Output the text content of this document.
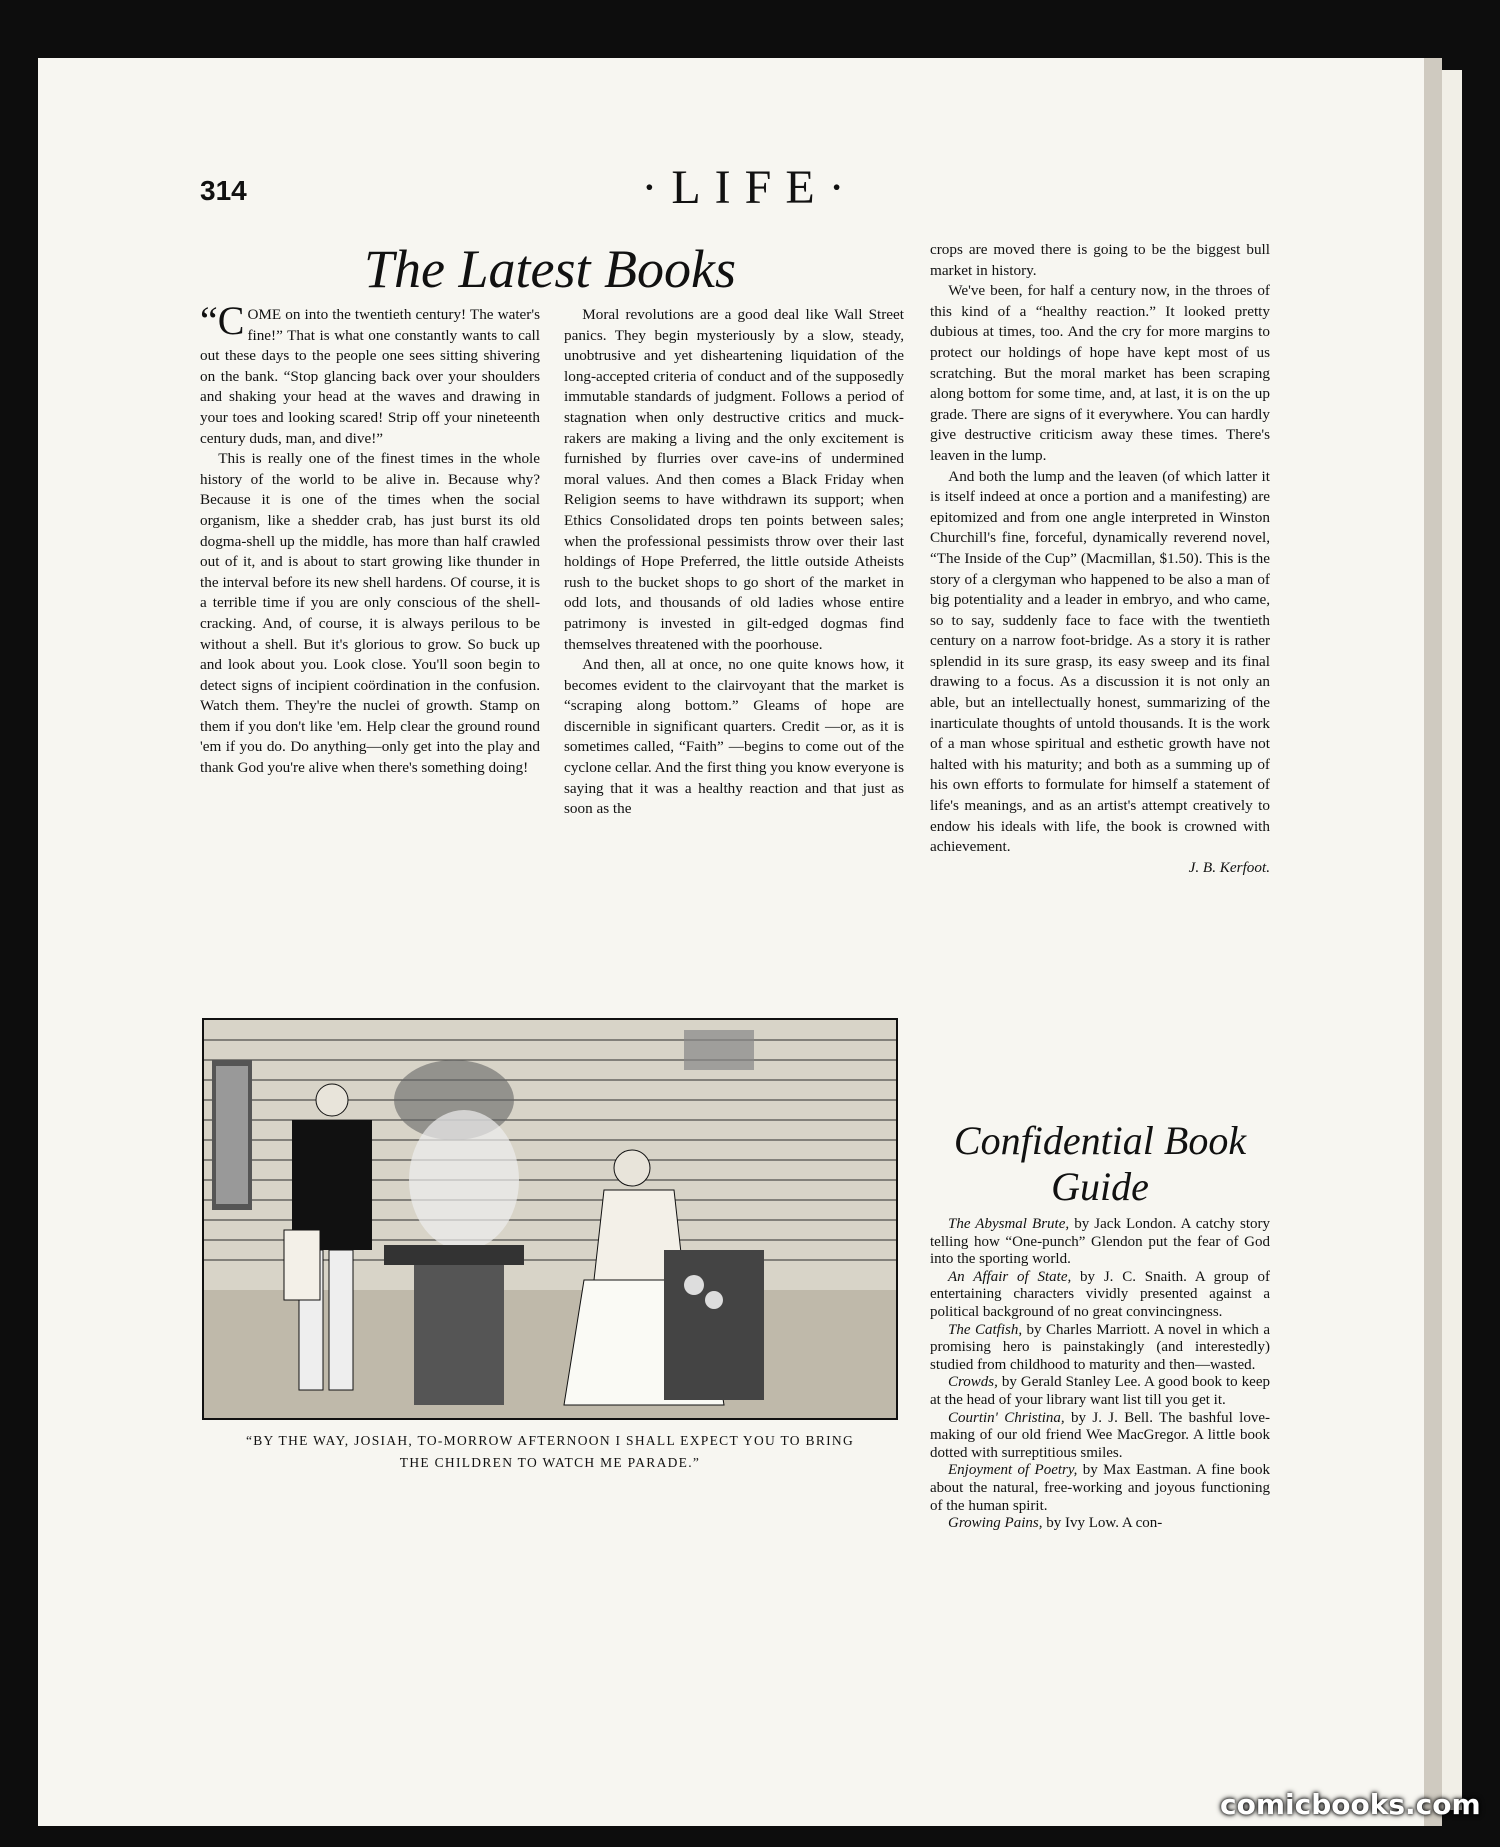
314	·LIFE·
The Latest Books

“COME on into the twentieth century! The water's fine!” That is what one constantly wants to call out these days to the people one sees sitting shivering on the bank. “Stop glancing back over your shoulders and shaking your head at the waves and drawing in your toes and looking scared! Strip off your nineteenth century duds, man, and dive!”

This is really one of the finest times in the whole history of the world to be alive in. Because why? Because it is one of the times when the social organism, like a shedder crab, has just burst its old dogma-shell up the middle, has more than half crawled out of it, and is about to start growing like thunder in the interval before its new shell hardens. Of course, it is a terrible time if you are only conscious of the shell-cracking. And, of course, it is always perilous to be without a shell. But it's glorious to grow. So buck up and look about you. Look close. You'll soon begin to detect signs of incipient coördination in the confusion. Watch them. They're the nuclei of growth. Stamp on them if you don't like 'em. Help clear the ground round 'em if you do. Do anything—only get into the play and thank God you're alive when there's something doing!

Moral revolutions are a good deal like Wall Street panics. They begin mysteriously by a slow, steady, unobtrusive and yet disheartening liquidation of the long-accepted criteria of conduct and of the supposedly immutable standards of judgment. Follows a period of stagnation when only destructive critics and muck-rakers are making a living and the only excitement is furnished by flurries over cave-ins of undermined moral values. And then comes a Black Friday when Religion seems to have withdrawn its support; when Ethics Consolidated drops ten points between sales; when the professional pessimists throw over their last holdings of Hope Preferred, the little outside Atheists rush to the bucket shops to go short of the market in odd lots, and thousands of old ladies whose entire patrimony is invested in gilt-edged dogmas find themselves threatened with the poorhouse.

And then, all at once, no one quite knows how, it becomes evident to the clairvoyant that the market is “scraping along bottom.” Gleams of hope are discernible in significant quarters. Credit —or, as it is sometimes called, “Faith” —begins to come out of the cyclone cellar. And the first thing you know everyone is saying that it was a healthy reaction and that just as soon as the

crops are moved there is going to be the biggest bull market in history.

We've been, for half a century now, in the throes of this kind of a “healthy reaction.” It looked pretty dubious at times, too. And the cry for more margins to protect our holdings of hope have kept most of us scratching. But the moral market has been scraping along bottom for some time, and, at last, it is on the up grade. There are signs of it everywhere. You can hardly give destructive criticism away these times. There's leaven in the lump.

And both the lump and the leaven (of which latter it is itself indeed at once a portion and a manifesting) are epitomized and from one angle interpreted in Winston Churchill's fine, forceful, dynamically reverend novel, “The Inside of the Cup” (Macmillan, $1.50). This is the story of a clergyman who happened to be also a man of big potentiality and a leader in embryo, and who came, so to say, suddenly face to face with the twentieth century on a narrow foot-bridge. As a story it is rather splendid in its sure grasp, its easy sweep and its final drawing to a focus. As a discussion it is not only an able, but an intellectually honest, summarizing of the inarticulate thoughts of untold thousands. It is the work of a man whose spiritual and esthetic growth have not halted with his maturity; and both as a summing up of his own efforts to formulate for himself a statement of life's meanings, and as an artist's attempt creatively to endow his ideals with life, the book is crowned with achievement.

J. B. Kerfoot.
“BY THE WAY, JOSIAH, TO-MORROW AFTERNOON I SHALL EXPECT YOU TO BRING
THE CHILDREN TO WATCH ME PARADE.”
Confidential Book Guide
The Abysmal Brute, by Jack London. A catchy story telling how “One-punch” Glendon put the fear of God into the sporting world.
An Affair of State, by J. C. Snaith. A group of entertaining characters vividly presented against a political background of no great convincingness.
The Catfish, by Charles Marriott. A novel in which a promising hero is painstakingly (and interestedly) studied from childhood to maturity and then—wasted.
Crowds, by Gerald Stanley Lee. A good book to keep at the head of your library want list till you get it.
Courtin' Christina, by J. J. Bell. The bashful love-making of our old friend Wee MacGregor. A little book dotted with surreptitious smiles.
Enjoyment of Poetry, by Max Eastman. A fine book about the natural, free-working and joyous functioning of the human spirit.
Growing Pains, by Ivy Low. A con-
comicbooks.com
